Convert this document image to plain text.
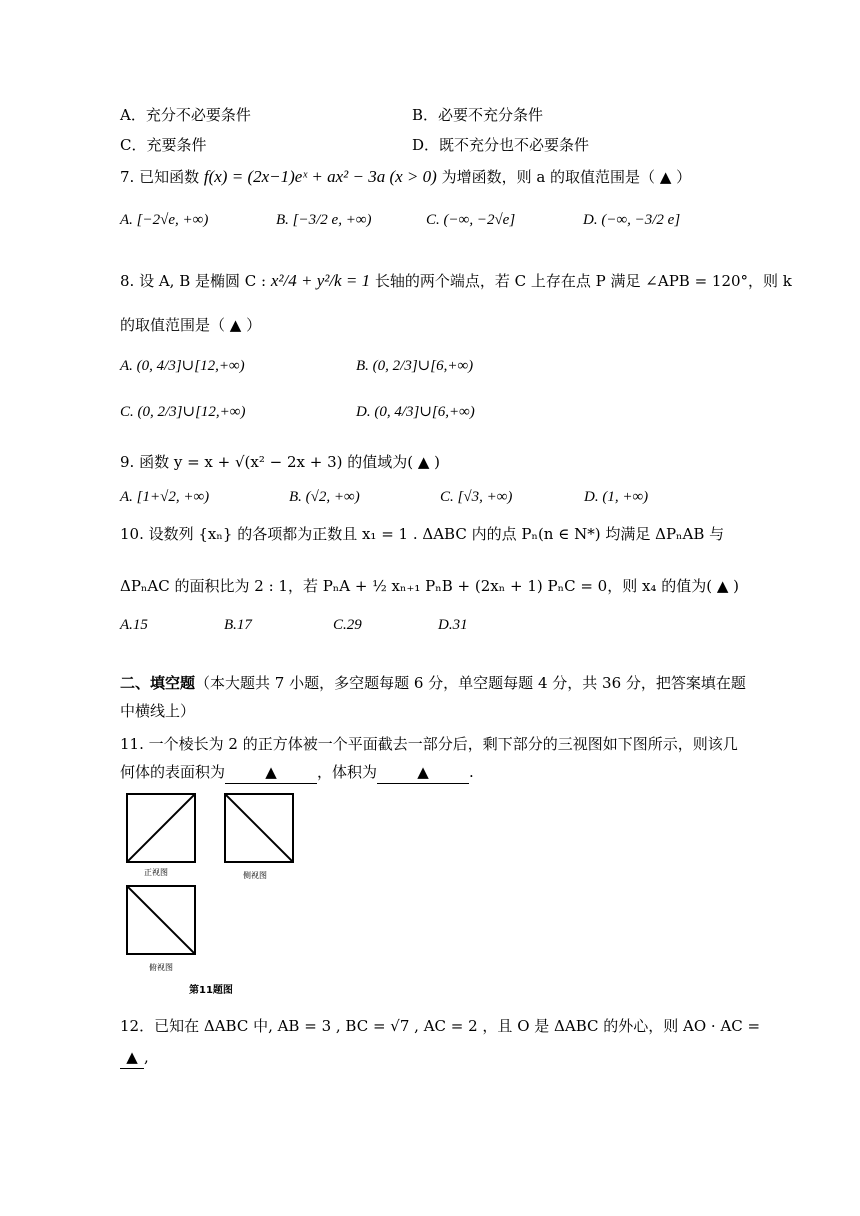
A．充分不必要条件	B．必要不充分条件
C．充要条件	D．既不充分也不必要条件
7. 已知函数 f(x) = (2x−1)eˣ + ax² − 3a (x > 0) 为增函数，则 a 的取值范围是（ ▲ ）
A. [−2√e, +∞)	B. [−3/2 e, +∞)	C. (−∞, −2√e]	D. (−∞, −3/2 e]
8. 设 A, B 是椭圆 C : x²/4 + y²/k = 1 长轴的两个端点，若 C 上存在点 P 满足 ∠APB = 120°，则 k
的取值范围是（ ▲ ）
A. (0, 4/3]∪[12,+∞)	B. (0, 2/3]∪[6,+∞)
C. (0, 2/3]∪[12,+∞)	D. (0, 4/3]∪[6,+∞)
9. 函数 y = x + √(x² − 2x + 3) 的值域为( ▲ )
A. [1+√2, +∞)	B. (√2, +∞)	C. [√3, +∞)	D. (1, +∞)
10. 设数列 {xₙ} 的各项都为正数且 x₁ = 1 . ΔABC 内的点 Pₙ(n ∈ N*) 均满足 ΔPₙAB 与
ΔPₙAC 的面积比为 2 : 1，若 PₙA + ½ xₙ₊₁ PₙB + (2xₙ + 1) PₙC = 0，则 x₄ 的值为( ▲ )
A.15	B.17	C.29	D.31
二、填空题（本大题共 7 小题，多空题每题 6 分，单空题每题 4 分，共 36 分，把答案填在题
中横线上）
11. 一个棱长为 2 的正方体被一个平面截去一部分后，剩下部分的三视图如下图所示，则该几
何体的表面积为	▲	，体积为	▲	.
正视图	侧视图
俯视图
第11题图
12．已知在 ΔABC 中, AB = 3 , BC = √7 , AC = 2 ，且 O 是 ΔABC 的外心，则 AO · AC =
▲ ,
